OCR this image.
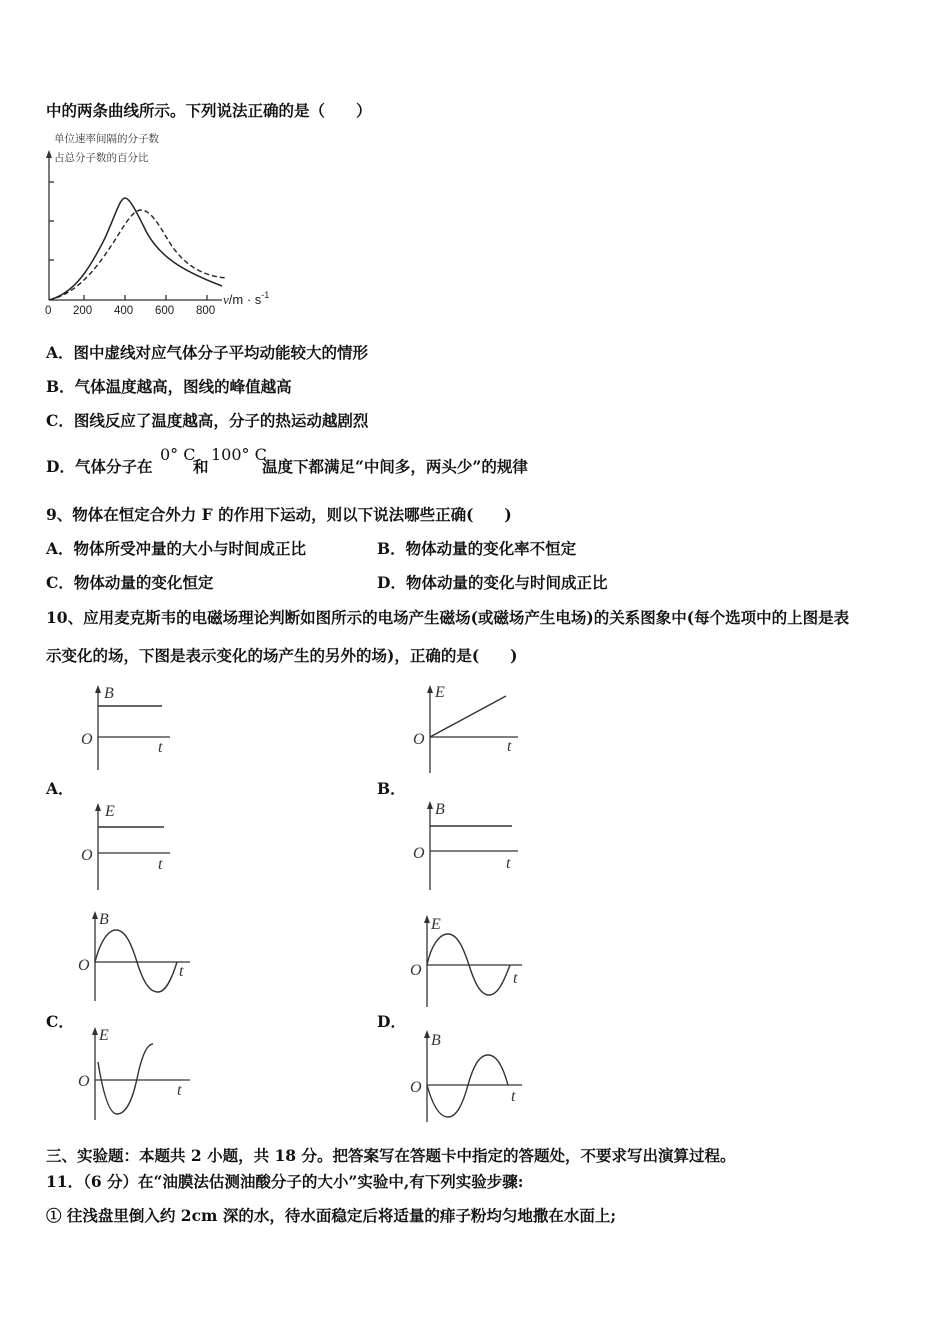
中的两条曲线所示。下列说法正确的是（　　）
单位速率间隔的分子数
占总分子数的百分比
0 200 400 600 800
$v/m \cdot s^{-1}$
A．图中虚线对应气体分子平均动能较大的情形
B．气体温度越高，图线的峰值越高
C．图线反应了温度越高，分子的热运动越剧烈
D．气体分子在
0° C
和
100° C
温度下都满足“中间多，两头少”的规律
9、物体在恒定合外力 F 的作用下运动，则以下说法哪些正确(　　)
A．物体所受冲量的大小与时间成正比	B．物体动量的变化率不恒定
C．物体动量的变化恒定	D．物体动量的变化与时间成正比
10、应用麦克斯韦的电磁场理论判断如图所示的电场产生磁场(或磁场产生电场)的关系图象中(每个选项中的上图是表
示变化的场，下图是表示变化的场产生的另外的场)，正确的是(　　)
B
O	t
A．
E
O
t
E
O	t
B．
B
O
t
B
O	t
C．
E
O
t
E
O	t
D．
B
O
t
三、实验题：本题共 2 小题，共 18 分。把答案写在答题卡中指定的答题处，不要求写出演算过程。
11．（6 分）在“油膜法估测油酸分子的大小”实验中,有下列实验步骤:
① 往浅盘里倒入约 2cm 深的水，待水面稳定后将适量的痱子粉均匀地撒在水面上;
